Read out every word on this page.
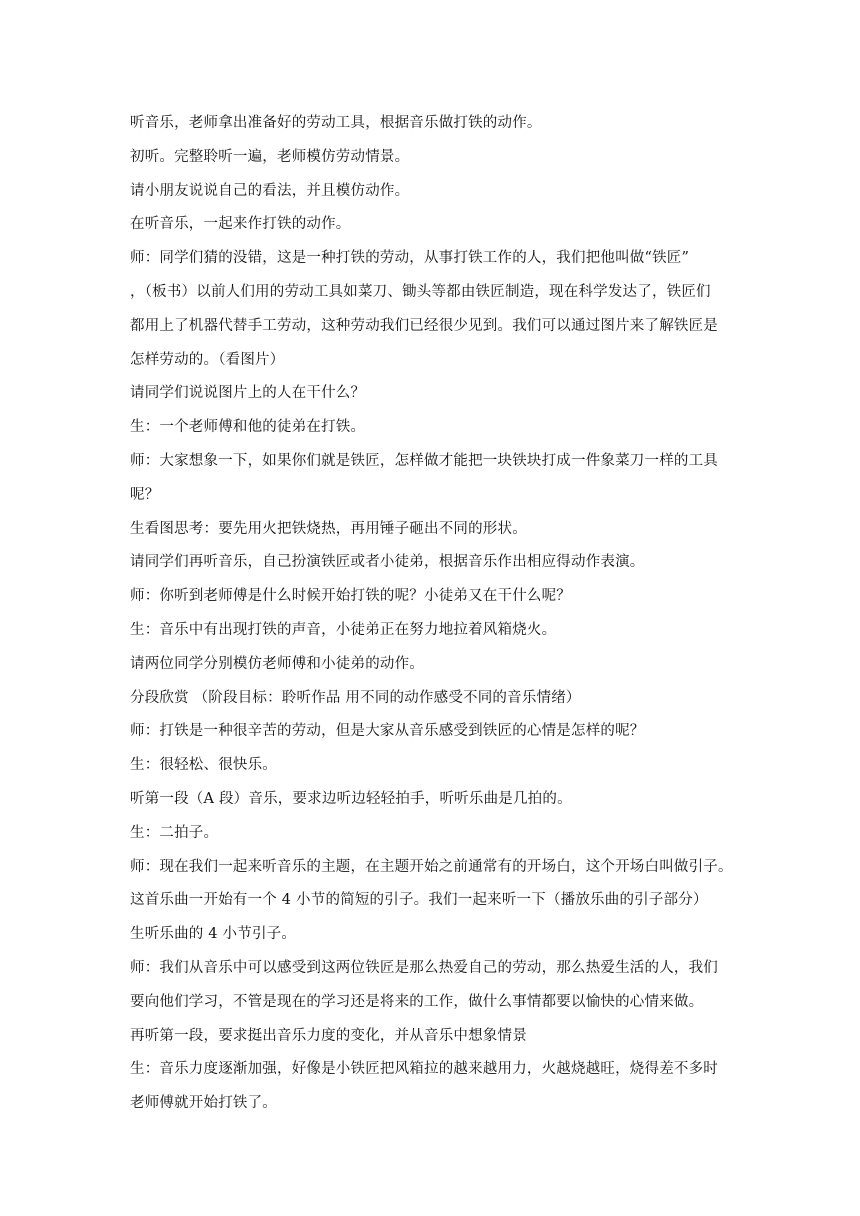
听音乐，老师拿出准备好的劳动工具，根据音乐做打铁的动作。

初听。完整聆听一遍，老师模仿劳动情景。

请小朋友说说自己的看法，并且模仿动作。

在听音乐，一起来作打铁的动作。

师：同学们猜的没错，这是一种打铁的劳动，从事打铁工作的人，我们把他叫做“铁匠”

，（板书）以前人们用的劳动工具如菜刀、锄头等都由铁匠制造，现在科学发达了，铁匠们

都用上了机器代替手工劳动，这种劳动我们已经很少见到。我们可以通过图片来了解铁匠是

怎样劳动的。（看图片）

请同学们说说图片上的人在干什么？

生：一个老师傅和他的徒弟在打铁。

师：大家想象一下，如果你们就是铁匠，怎样做才能把一块铁块打成一件象菜刀一样的工具

呢？

生看图思考：要先用火把铁烧热，再用锤子砸出不同的形状。

请同学们再听音乐，自己扮演铁匠或者小徒弟，根据音乐作出相应得动作表演。

师：你听到老师傅是什么时候开始打铁的呢？小徒弟又在干什么呢？

生：音乐中有出现打铁的声音，小徒弟正在努力地拉着风箱烧火。

请两位同学分别模仿老师傅和小徒弟的动作。

分段欣赏 （阶段目标：聆听作品 用不同的动作感受不同的音乐情绪）

师：打铁是一种很辛苦的劳动，但是大家从音乐感受到铁匠的心情是怎样的呢？

生：很轻松、很快乐。

听第一段（A 段）音乐，要求边听边轻轻拍手，听听乐曲是几拍的。

生：二拍子。

师：现在我们一起来听音乐的主题，在主题开始之前通常有的开场白，这个开场白叫做引子。

这首乐曲一开始有一个 4 小节的简短的引子。我们一起来听一下（播放乐曲的引子部分）

生听乐曲的 4 小节引子。

师：我们从音乐中可以感受到这两位铁匠是那么热爱自己的劳动，那么热爱生活的人，我们

要向他们学习，不管是现在的学习还是将来的工作，做什么事情都要以愉快的心情来做。

再听第一段，要求挺出音乐力度的变化，并从音乐中想象情景

生：音乐力度逐渐加强，好像是小铁匠把风箱拉的越来越用力，火越烧越旺，烧得差不多时

老师傅就开始打铁了。
